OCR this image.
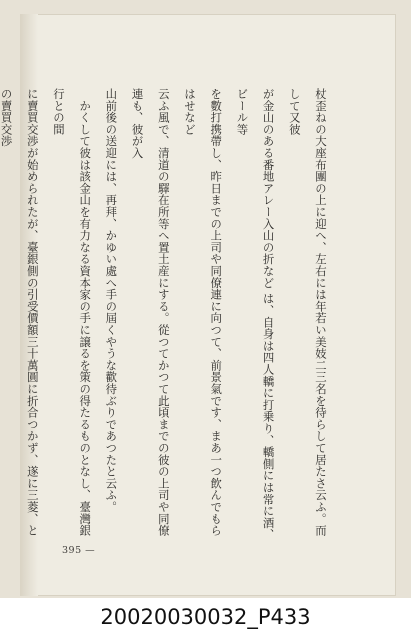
杖歪ねの大座布團の上に迎へ、左右には年若い美妓二三名を待らして居たさ云ふ。而して又彼

が金山のある番地アレー入山の折など は、自身は四人轎に打乗り、轎側には常に酒、ビール等

を數打携帶し、昨日までの上司や同僚連に向つて、前景氣です、まあ一つ飲んでもらはせなど

云ふ風で、清道の驛在所等へ置土産にする。從つてかつて此頃までの彼の上司や同僚連も、彼が入

山前後の送迎には、再拜、かゆい處へ手の屆くやうな歡待ぶりであつたと云ふ。

　かくして彼は該金山を有力なる資本家の手に譲るを策の得たるものとなし、臺灣銀行との間

に賣買交渉が始められたが、臺銀側の引受價額三十萬圓に折合つかず、遂に三菱、との賣買交渉

395 —
20020030032_P433
